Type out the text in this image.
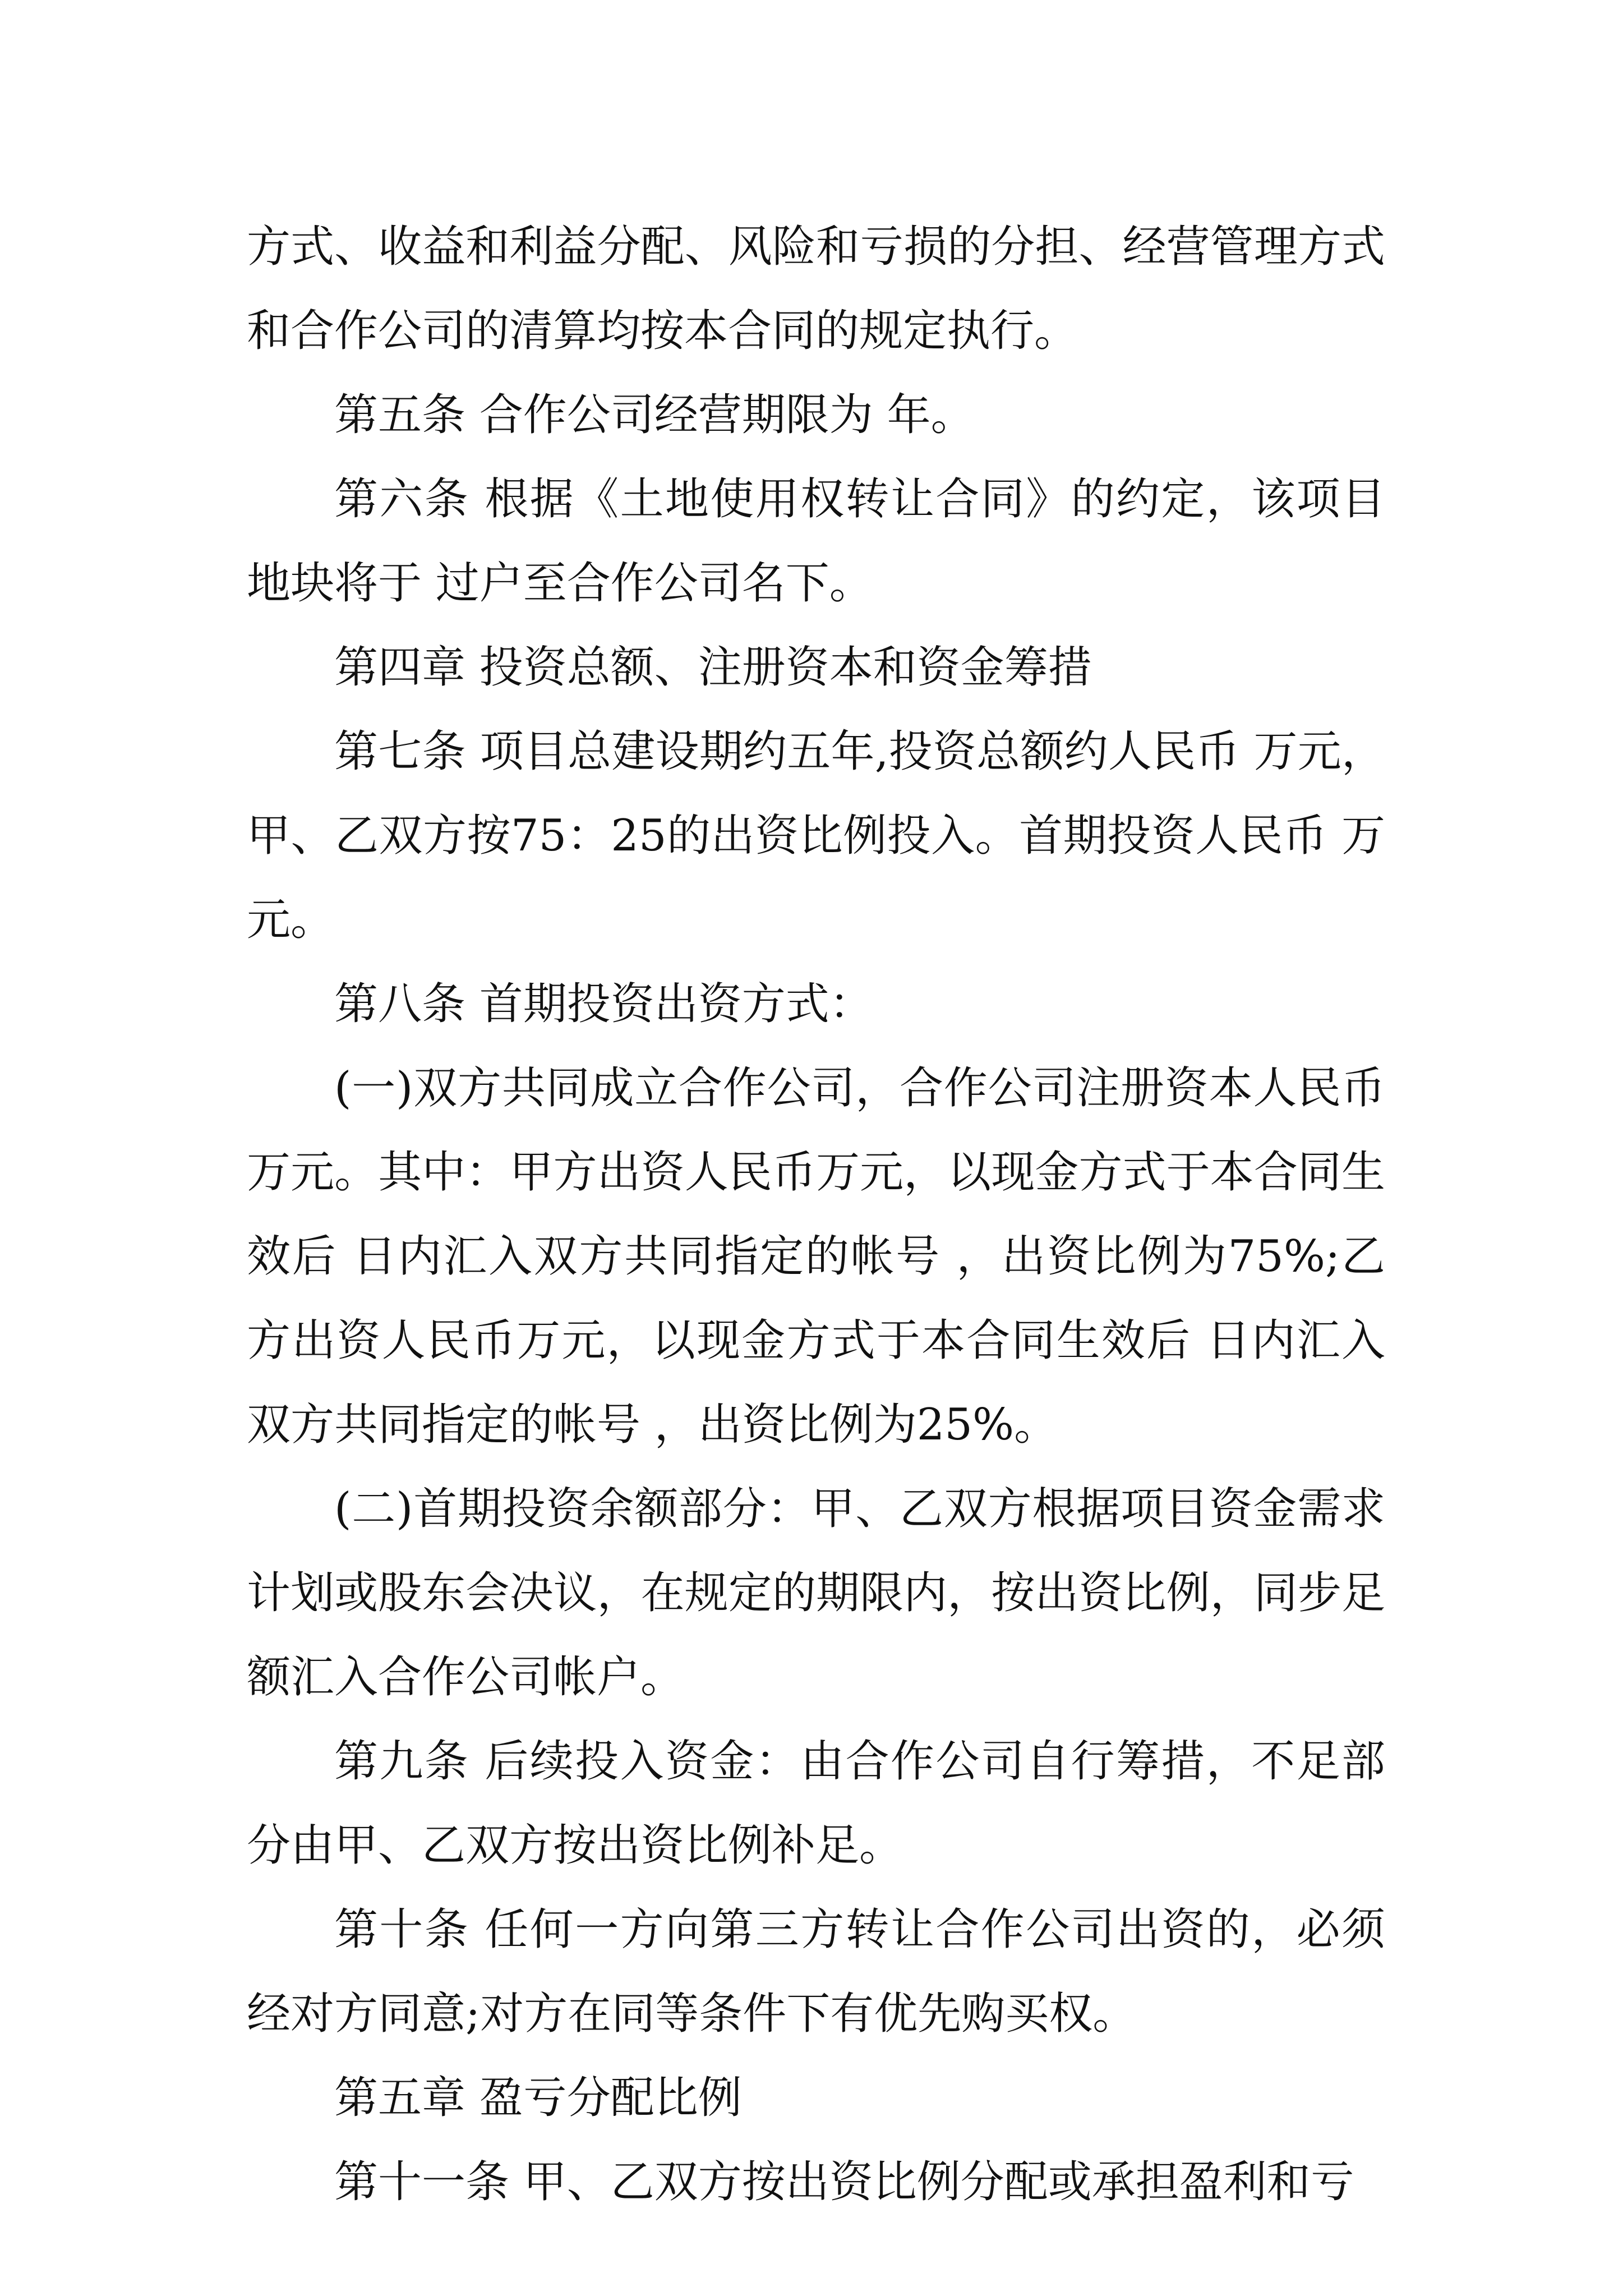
方式、收益和利益分配、风险和亏损的分担、经营管理方式和合作公司的清算均按本合同的规定执行。

第五条 合作公司经营期限为 年。

第六条 根据《土地使用权转让合同》的约定，该项目地块将于 过户至合作公司名下。

第四章 投资总额、注册资本和资金筹措

第七条 项目总建设期约五年,投资总额约人民币 万元，甲、乙双方按75：25的出资比例投入。首期投资人民币 万元。

第八条 首期投资出资方式：

(一)双方共同成立合作公司，合作公司注册资本人民币万元。其中：甲方出资人民币万元，以现金方式于本合同生效后 日内汇入双方共同指定的帐号 ，出资比例为75%;乙方出资人民币万元，以现金方式于本合同生效后 日内汇入双方共同指定的帐号 ，出资比例为25%。

(二)首期投资余额部分：甲、乙双方根据项目资金需求计划或股东会决议，在规定的期限内，按出资比例，同步足额汇入合作公司帐户。

第九条 后续投入资金：由合作公司自行筹措，不足部分由甲、乙双方按出资比例补足。

第十条 任何一方向第三方转让合作公司出资的，必须经对方同意;对方在同等条件下有优先购买权。

第五章 盈亏分配比例

第十一条 甲、乙双方按出资比例分配或承担盈利和亏
